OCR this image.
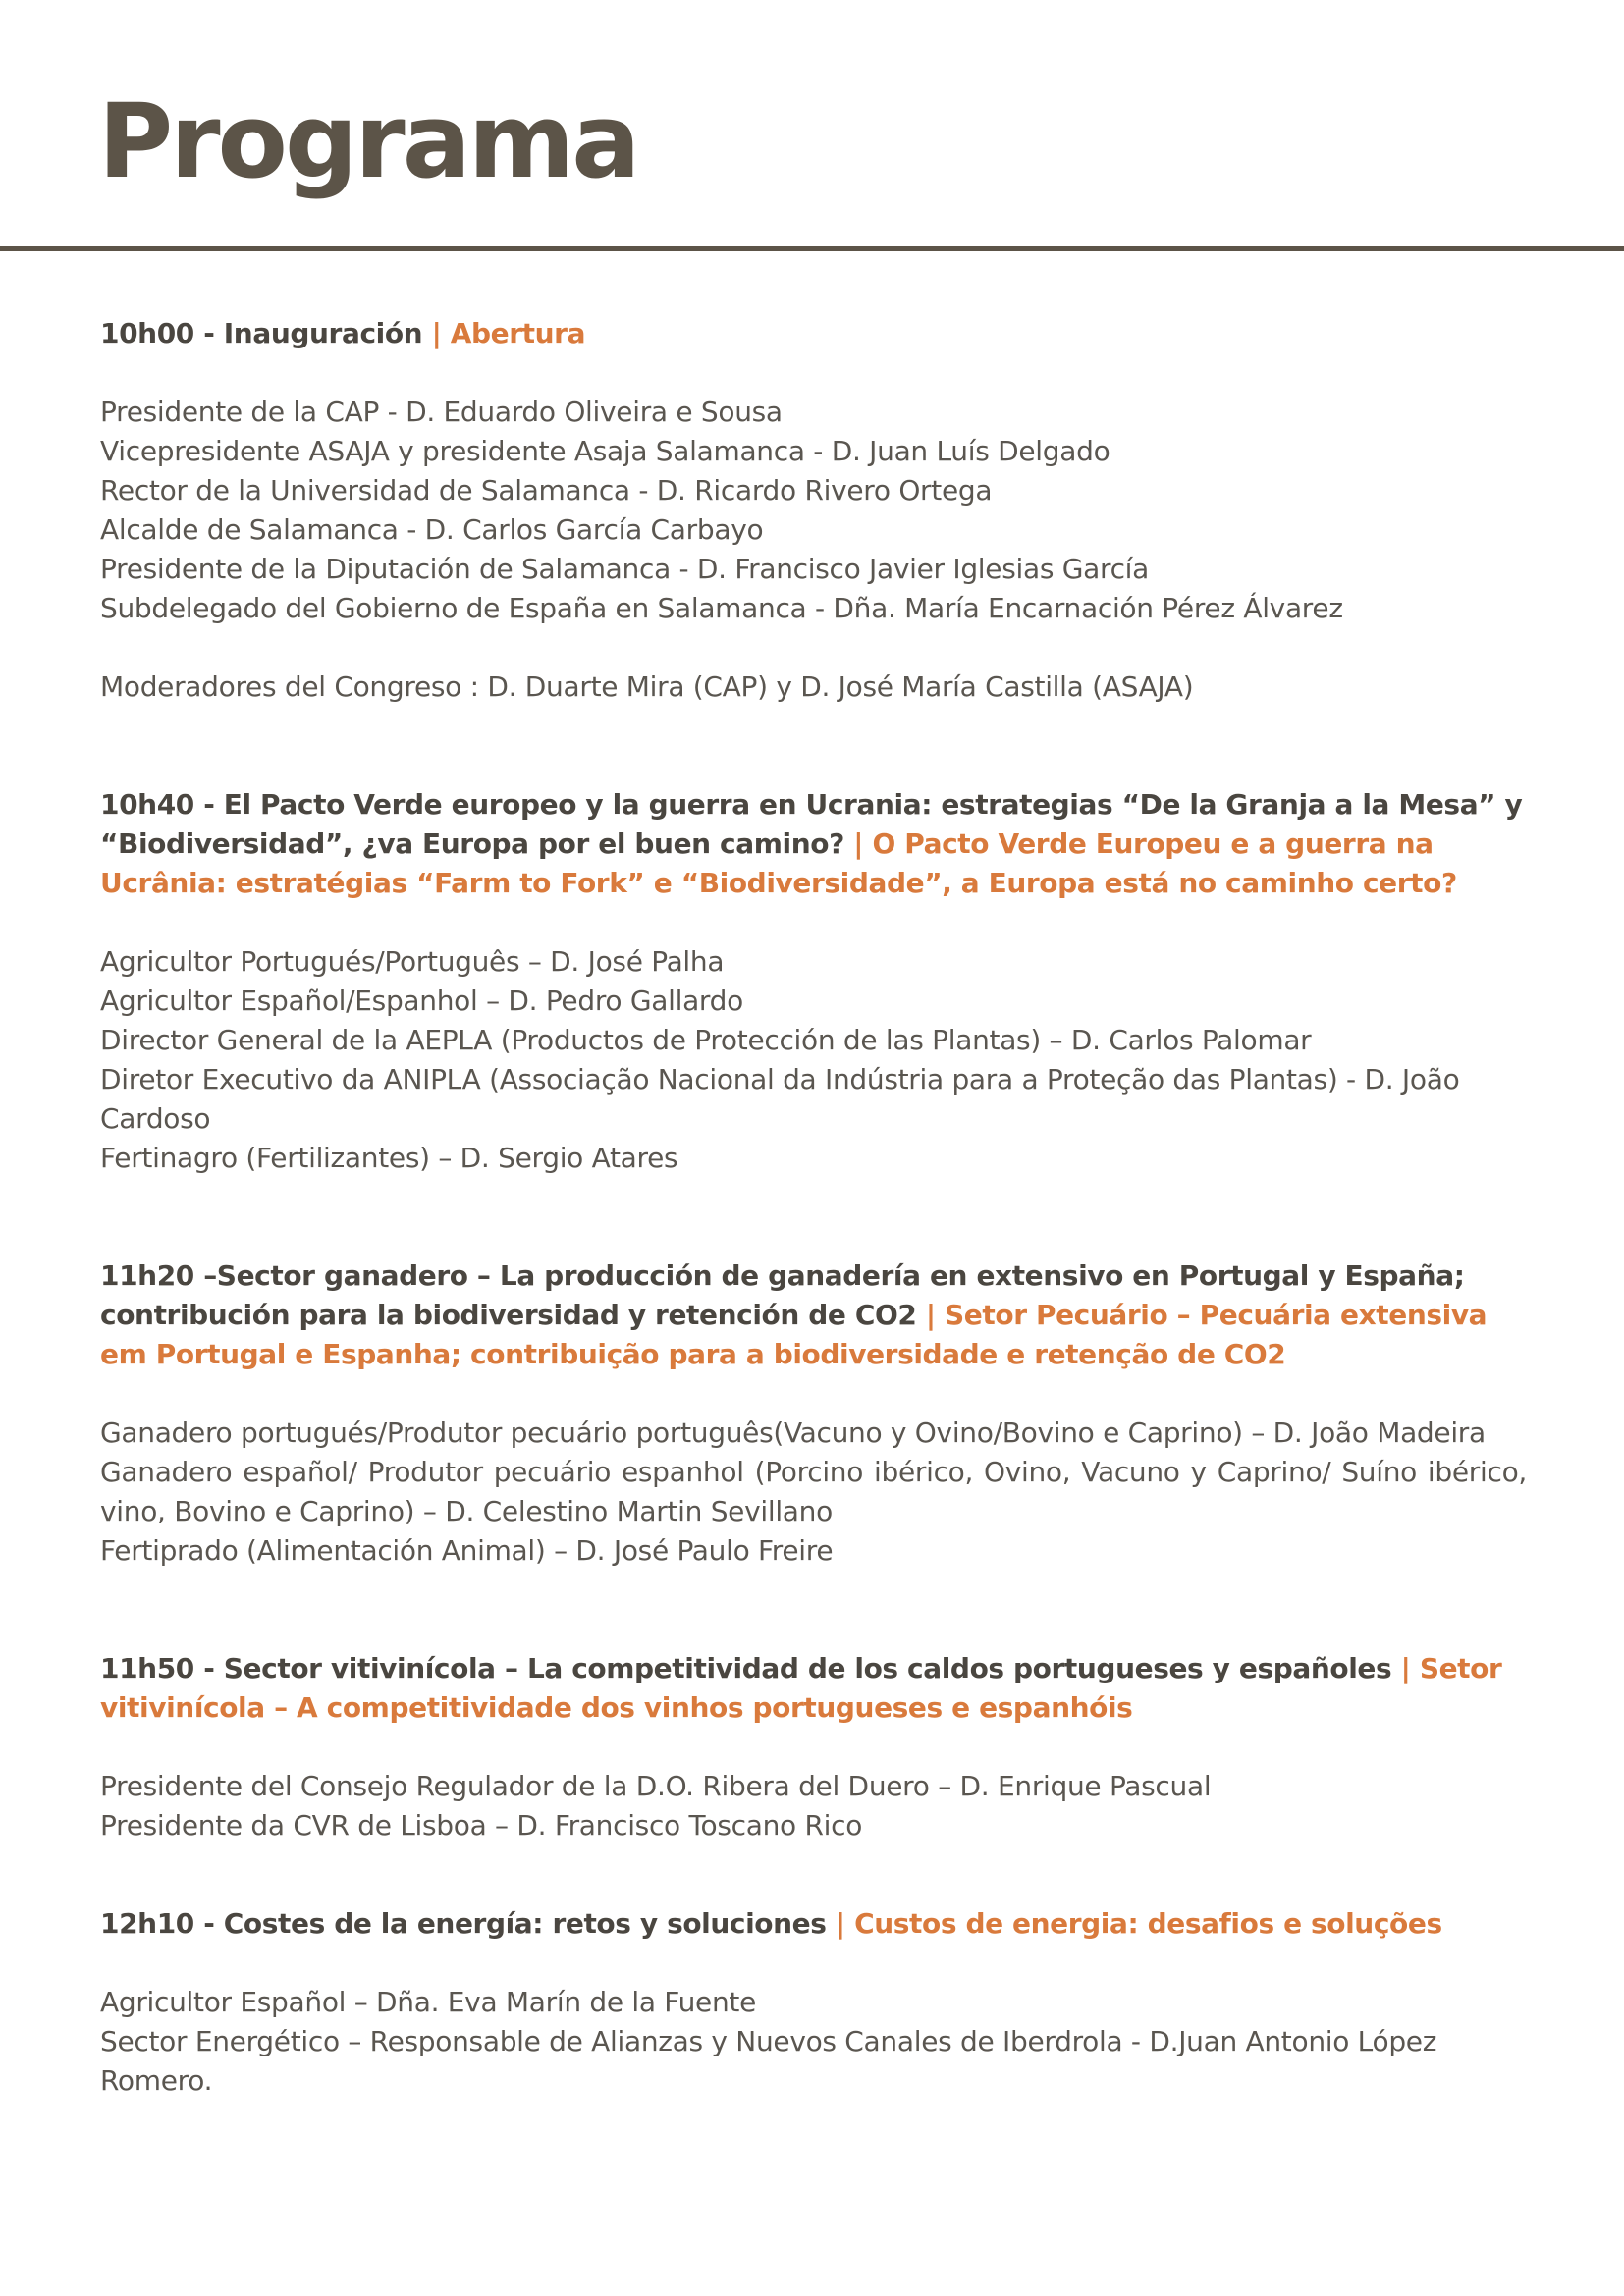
Programa

10h00 - Inauguración | Abertura

Presidente de la CAP - D. Eduardo Oliveira e Sousa
Vicepresidente ASAJA y presidente Asaja Salamanca - D. Juan Luís Delgado
Rector de la Universidad de Salamanca - D. Ricardo Rivero Ortega
Alcalde de Salamanca - D. Carlos García Carbayo
Presidente de la Diputación de Salamanca - D. Francisco Javier Iglesias García
Subdelegado del Gobierno de España en Salamanca - Dña. María Encarnación Pérez Álvarez
Moderadores del Congreso : D. Duarte Mira (CAP) y D. José María Castilla (ASAJA)

10h40 - El Pacto Verde europeo y la guerra en Ucrania: estrategias “De la Granja a la Mesa” y “Biodiversidad”, ¿va Europa por el buen camino? | O Pacto Verde Europeu e a guerra na Ucrânia: estratégias “Farm to Fork” e “Biodiversidade”, a Europa está no caminho certo?

Agricultor Portugués/Português – D. José Palha
Agricultor Español/Espanhol – D. Pedro Gallardo
Director General de la AEPLA (Productos de Protección de las Plantas) – D. Carlos Palomar
Diretor Executivo da ANIPLA (Associação Nacional da Indústria para a Proteção das Plantas) - D. João Cardoso
Fertinagro (Fertilizantes) – D. Sergio Atares

11h20 –Sector ganadero – La producción de ganadería en extensivo en Portugal y España; contribución para la biodiversidad y retención de CO2 | Setor Pecuário – Pecuária extensiva em Portugal e Espanha; contribuição para a biodiversidade e retenção de CO2

Ganadero portugués/Produtor pecuário português(Vacuno y Ovino/Bovino e Caprino) – D. João Madeira
Ganadero español/ Produtor pecuário espanhol (Porcino ibérico, Ovino, Vacuno y Caprino/ Suíno ibérico, vino, Bovino e Caprino) – D. Celestino Martin Sevillano
Fertiprado (Alimentación Animal) – D. José Paulo Freire

11h50 - Sector vitivinícola – La competitividad de los caldos portugueses y españoles | Setor vitivinícola – A competitividade dos vinhos portugueses e espanhóis

Presidente del Consejo Regulador de la D.O. Ribera del Duero – D. Enrique Pascual
Presidente da CVR de Lisboa – D. Francisco Toscano Rico

12h10 - Costes de la energía: retos y soluciones | Custos de energia: desafios e soluções

Agricultor Español – Dña. Eva Marín de la Fuente
Sector Energético – Responsable de Alianzas y Nuevos Canales de Iberdrola - D.Juan Antonio López Romero.
